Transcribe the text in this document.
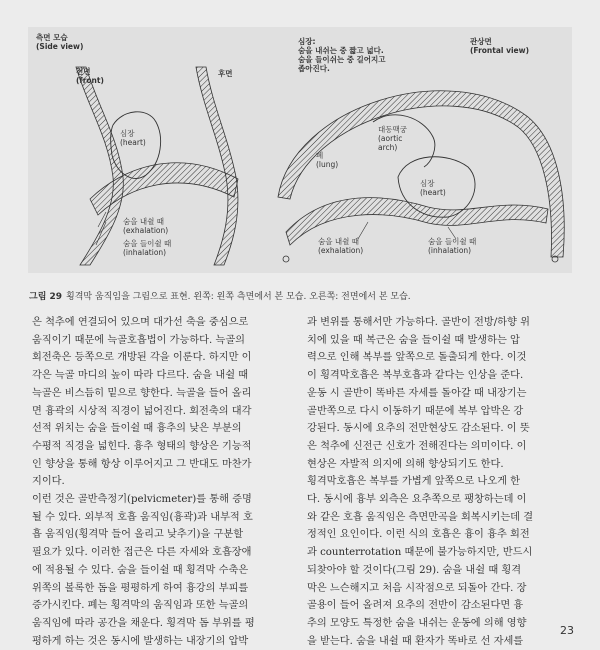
측면 모습
(Side view)
전면
(front)
후면
심장
(heart)
숨을 내쉴 때
(exhalation)
숨을 들이쉴 때
(inhalation)
심장:
숨을 내쉬는 중 짧고 넓다.
숨을 들이쉬는 중 길어지고
좁아진다.
관상면
(Frontal view)
폐
(lung)
대동맥궁
(aortic
arch)
심장
(heart)
숨을 내쉴 때
(exhalation)
숨을 들이쉴 때
(inhalation)
그림 29 횡격막 움직임을 그림으로 표현. 왼쪽: 왼쪽 측면에서 본 모습. 오른쪽: 전면에서 본 모습.

은 척추에 연결되어 있으며 대가선 축을 중심으로
움직이기 때문에 늑골호흡법이 가능하다. 늑골의
회전축은 등쪽으로 개방된 각을 이룬다. 하지만 이
각은 늑골 마디의 높이 따라 다르다. 숨을 내쉴 때
늑골은 비스듬히 밑으로 향한다. 늑골을 들어 올리
면 흉곽의 시상적 직경이 넓어진다. 회전축의 대각
선적 위치는 숨을 들이쉴 때 흉추의 낮은 부분의
수평적 직경을 넓힌다. 흉추 형태의 향상은 기능적
인 향상을 통해 항상 이루어지고 그 반대도 마찬가
지이다.
이런 것은 골반측정기(pelvicmeter)를 통해 증명
될 수 있다. 외부적 호흡 움직임(흉곽)과 내부적 호
흡 움직임(횡격막 들어 올리고 낮추기)을 구분할
필요가 있다. 이러한 접근은 다른 자세와 호흡장애
에 적용될 수 있다. 숨을 들이쉴 때 횡격막 수축은
위쪽의 볼록한 돔을 평평하게 하여 흉강의 부피를
증가시킨다. 폐는 횡격막의 움직임과 또한 늑골의
움직임에 따라 공간을 채운다. 횡격막 돔 부위를 평
평하게 하는 것은 동시에 발생하는 내장기의 압박

과 변위를 통해서만 가능하다. 골반이 전방/하향 위
치에 있을 때 복근은 숨을 들이쉴 때 발생하는 압
력으로 인해 복부를 앞쪽으로 돌출되게 한다. 이것
이 횡격막호흡은 복부호흡과 같다는 인상을 준다.
운동 시 골반이 똑바른 자세를 돌아갈 때 내장기는
골반쪽으로 다시 이동하기 때문에 복부 압박은 강
강된다. 동시에 요추의 전만현상도 감소된다. 이 뜻
은 척추에 신전근 신호가 전해진다는 의미이다. 이
현상은 자발적 의지에 의해 향상되기도 한다.
횡격막호흡은 복부를 가볍게 앞쪽으로 나오게 한
다. 동시에 흉부 외측은 요추쪽으로 팽창하는데 이
와 같은 호흡 움직임은 측면만곡을 회복시키는데 결
정적인 요인이다. 이런 식의 호흡은 흉이 흉추 회전
과 counterrotation 때문에 불가능하지만, 반드시
되찾아야 할 것이다(그림 29). 숨을 내쉴 때 횡격
막은 느슨해지고 처음 시작점으로 되돌아 간다. 장
골용이 들어 올려져 요추의 전반이 감소된다면 흉
추의 모양도 특정한 숨을 내쉬는 운동에 의해 영향
을 받는다. 숨을 내쉴 때 환자가 똑바로 선 자세를

23
